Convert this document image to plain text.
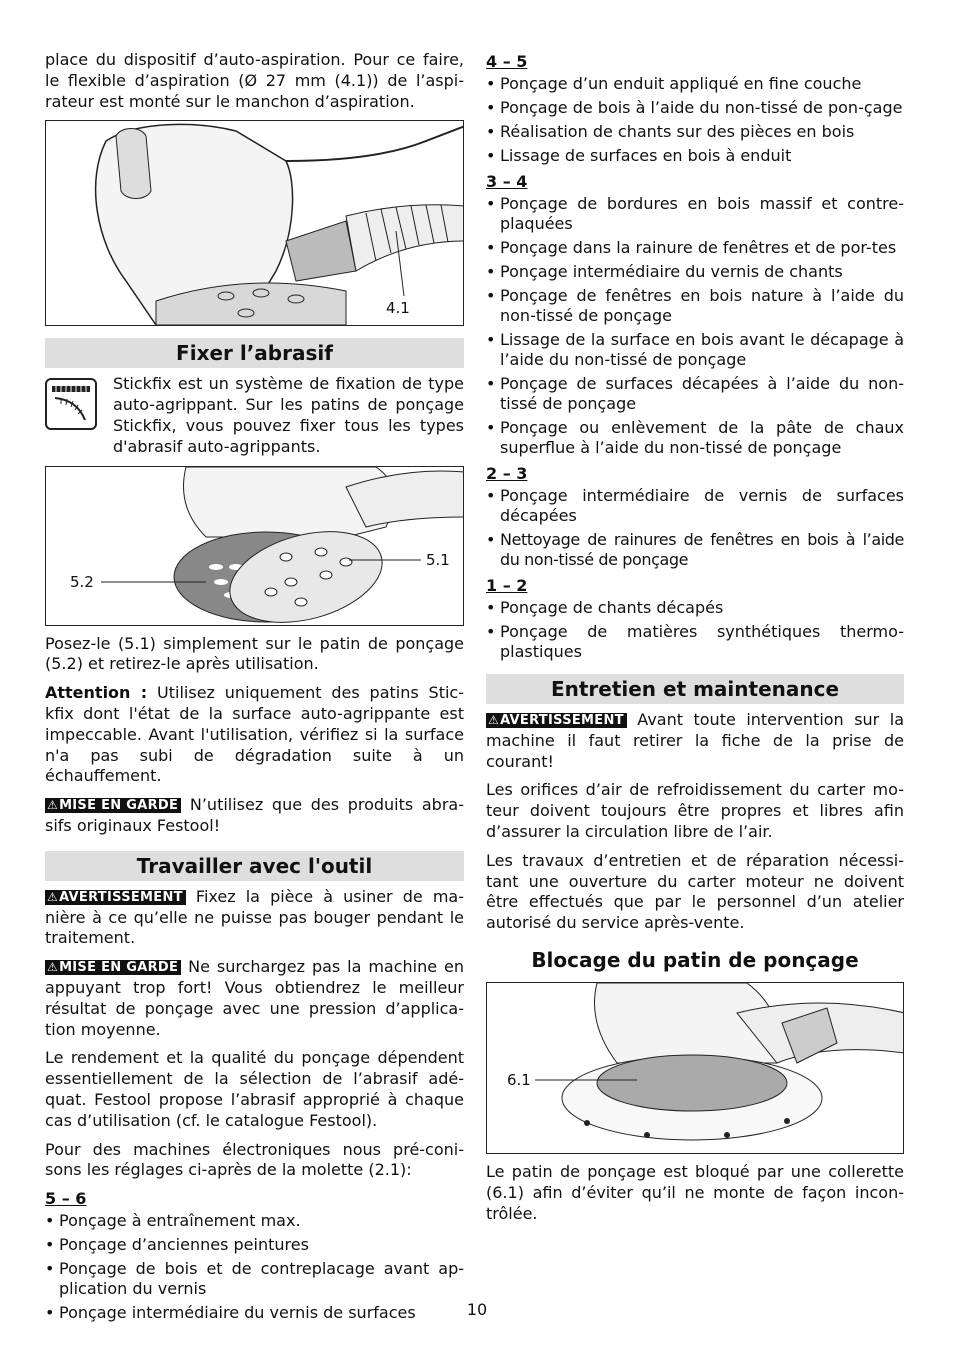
place du dispositif d’auto-aspiration. Pour ce faire, le flexible d’aspiration (Ø 27 mm (4.1)) de l’aspi-rateur est monté sur le manchon d’aspiration.

4.1
Fixer l’abrasif

Stickfix est un système de fixation de type auto-agrippant. Sur les patins de ponçage Stickfix, vous pouvez fixer tous les types d'abrasif auto-agrippants.

5.1
5.2

Posez-le (5.1) simplement sur le patin de ponçage (5.2) et retirez-le après utilisation.

Attention : Utilisez uniquement des patins Stic-kfix dont l'état de la surface auto-agrippante est impeccable. Avant l'utilisation, vérifiez si la surface n'a pas subi de dégradation suite à un échauffement.

⚠MISE EN GARDE N’utilisez que des produits abra-sifs originaux Festool!

Travailler avec l'outil

⚠AVERTISSEMENT Fixez la pièce à usiner de ma-nière à ce qu’elle ne puisse pas bouger pendant le traitement.

⚠MISE EN GARDE Ne surchargez pas la machine en appuyant trop fort! Vous obtiendrez le meilleur résultat de ponçage avec une pression d’applica-tion moyenne.

Le rendement et la qualité du ponçage dépendent essentiellement de la sélection de l’abrasif adé-quat. Festool propose l’abrasif approprié à chaque cas d’utilisation (cf. le catalogue Festool).

Pour des machines électroniques nous pré-coni-sons les réglages ci-après de la molette (2.1):

5 – 6
• Ponçage à entraînement max.
• Ponçage d’anciennes peintures
• Ponçage de bois et de contreplacage avant ap-plication du vernis
• Ponçage intermédiaire du vernis de surfaces
4 – 5
• Ponçage d’un enduit appliqué en fine couche
• Ponçage de bois à l’aide du non-tissé de pon-çage
• Réalisation de chants sur des pièces en bois
• Lissage de surfaces en bois à enduit
3 – 4
• Ponçage de bordures en bois massif et contre-plaquées
• Ponçage dans la rainure de fenêtres et de por-tes
• Ponçage intermédiaire du vernis de chants
• Ponçage de fenêtres en bois nature à l’aide du non-tissé de ponçage
• Lissage de la surface en bois avant le décapage à l’aide du non-tissé de ponçage
• Ponçage de surfaces décapées à l’aide du non-tissé de ponçage
• Ponçage ou enlèvement de la pâte de chaux superflue à l’aide du non-tissé de ponçage
2 – 3
• Ponçage intermédiaire de vernis de surfaces décapées
• Nettoyage de rainures de fenêtres en bois à l’aide du non-tissé de ponçage
1 – 2
• Ponçage de chants décapés
• Ponçage de matières synthétiques thermo-plastiques
Entretien et maintenance

⚠AVERTISSEMENT Avant toute intervention sur la machine il faut retirer la fiche de la prise de courant!

Les orifices d’air de refroidissement du carter mo-teur doivent toujours être propres et libres afin d’assurer la circulation libre de l’air.

Les travaux d’entretien et de réparation nécessi-tant une ouverture du carter moteur ne doivent être effectués que par le personnel d’un atelier autorisé du service après-vente.

Blocage du patin de ponçage
6.1

Le patin de ponçage est bloqué par une collerette (6.1) afin d’éviter qu’il ne monte de façon incon-trôlée.

10
